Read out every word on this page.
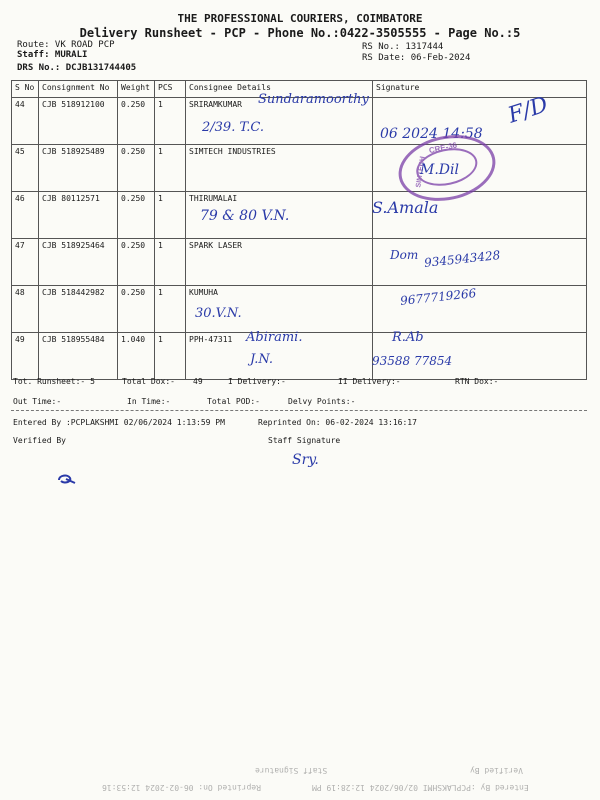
THE PROFESSIONAL COURIERS, COIMBATORE
Delivery Runsheet - PCP - Phone No.:0422-3505555 - Page No.:5
Route: VK ROAD PCP
Staff: MURALI
DRS No.: DCJB131744405
RS No.: 1317444
RS Date: 06-Feb-2024
S No	Consignment No	Weight	PCS	Consignee Details	Signature
44	CJB 518912100	0.250	1	SRIRAMKUMAR	
45	CJB 518925489	0.250	1	SIMTECH INDUSTRIES	
46	CJB 80112571	0.250	1	THIRUMALAI	
47	CJB 518925464	0.250	1	SPARK LASER	
48	CJB 518442982	0.250	1	KUMUHA	
49	CJB 518955484	1.040	1	PPH-47311	
Sundaramoorthy
2/39. T.C.	06 2024 14:58
F/D
CRE-36
SIMTECH
M.Dil
79 & 80 V.N.	S.Amala
Dom 9345943428
9677719266
30.V.N.
Abirami.
J.N.
R.Ab
93588 77854
Tot. Runsheet:- 5	Total Dox:- 49	I Delivery:-	II Delivery:-	RTN Dox:-
Out Time:-	In Time:-	Total POD:-	Delvy Points:-
Entered By :PCPLAKSHMI 02/06/2024 1:13:59 PM	Reprinted On: 06-02-2024 13:16:17
Verified By	Staff Signature
Sry.
Verified By
Staff Signature
Entered By :PCPLAKSHMI 02/06/2024 12:28:19 PM
Reprinted On: 06-02-2024 12:53:16
